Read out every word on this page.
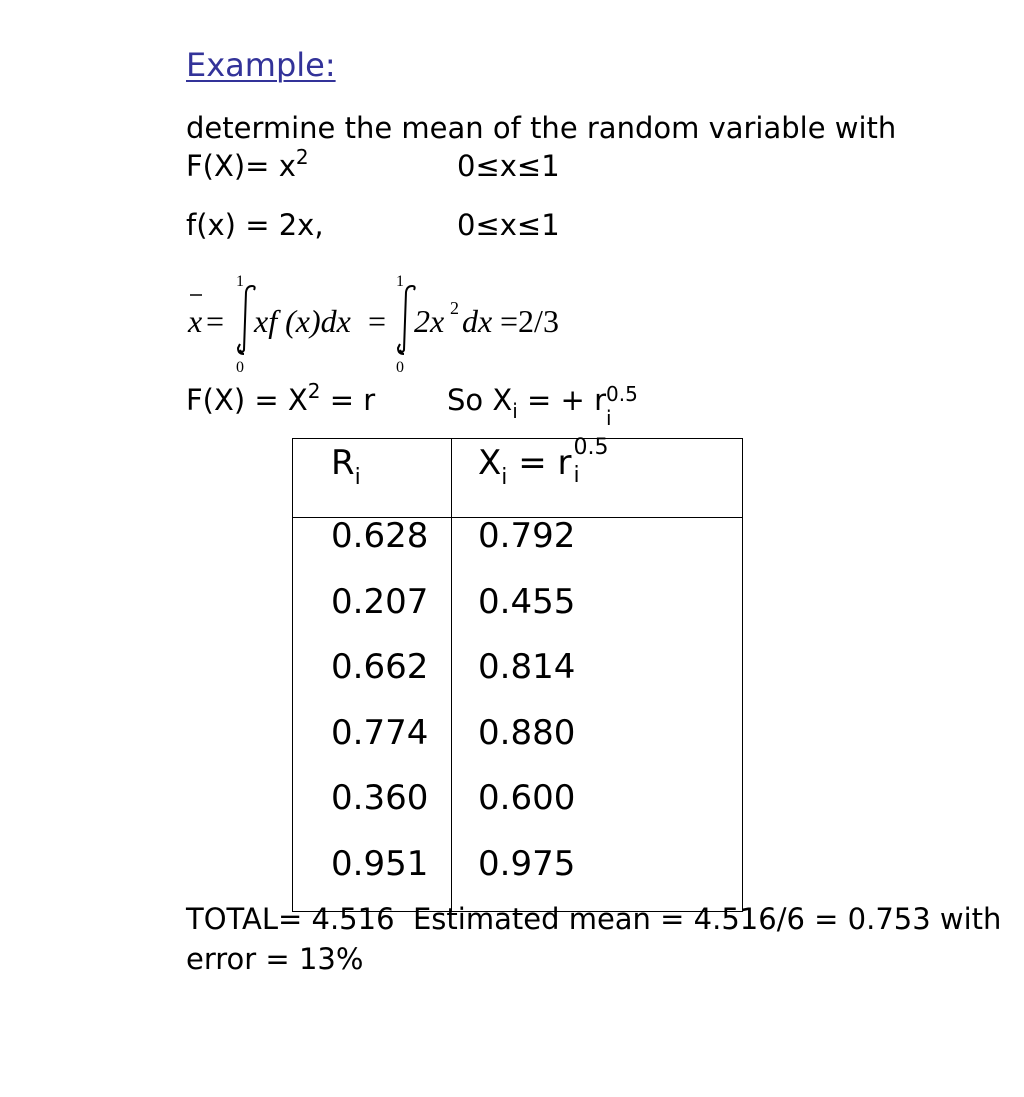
Example:
determine the mean of the random variable with
$F(X)= x^2$	0≤x≤1
f(x) = 2x,	0≤x≤1
x =
1
0
xf (x)dx =
1
0
2x 2 dx =2/3
$F(X) = X^2 = r$ So $X_i$ = + r 0.5
i
$R_i$	$X_i = r$ 0.5
i

0.628	0.792

0.207	0.455

0.662	0.814

0.774	0.880

0.360	0.600

0.951	0.975
TOTAL= 4.516  Estimated mean = 4.516/6 = 0.753 with
error = 13%
